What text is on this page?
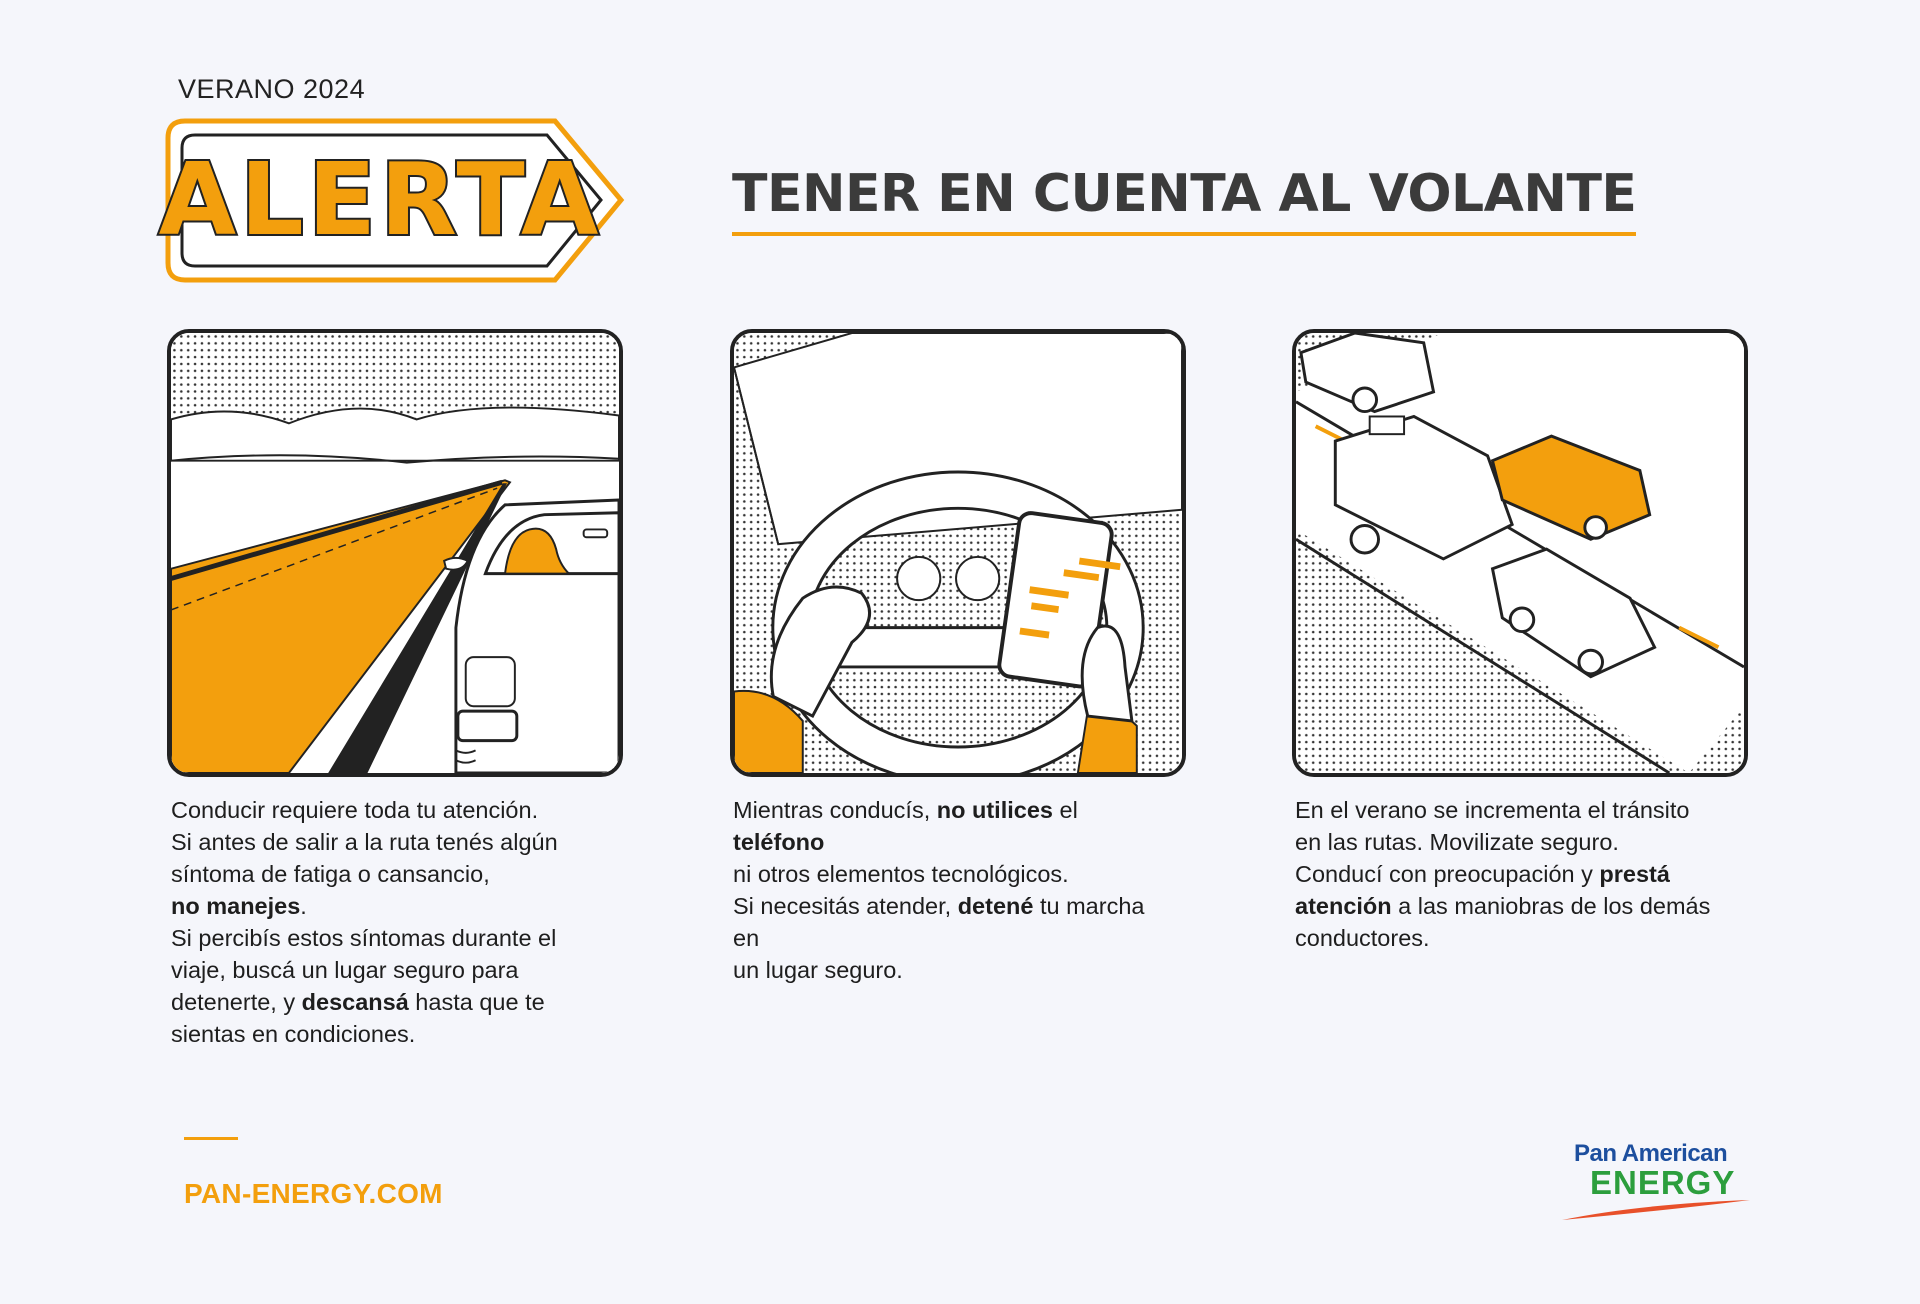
VERANO 2024
ALERTA TENER EN CUENTA AL VOLANTE
Conducir requiere toda tu atención.
Si antes de salir a la ruta tenés algún
síntoma de fatiga o cansancio,
no manejes.
Si percibís estos síntomas durante el
viaje, buscá un lugar seguro para
detenerte, y descansá hasta que te
sientas en condiciones.
Mientras conducís, no utilices el teléfono
ni otros elementos tecnológicos.
Si necesitás atender, detené tu marcha en
un lugar seguro.
En el verano se incrementa el tránsito
en las rutas. Movilizate seguro.
Conducí con preocupación y prestá
atención a las maniobras de los demás
conductores.
PAN-ENERGY.COM
Pan American
ENERGY
